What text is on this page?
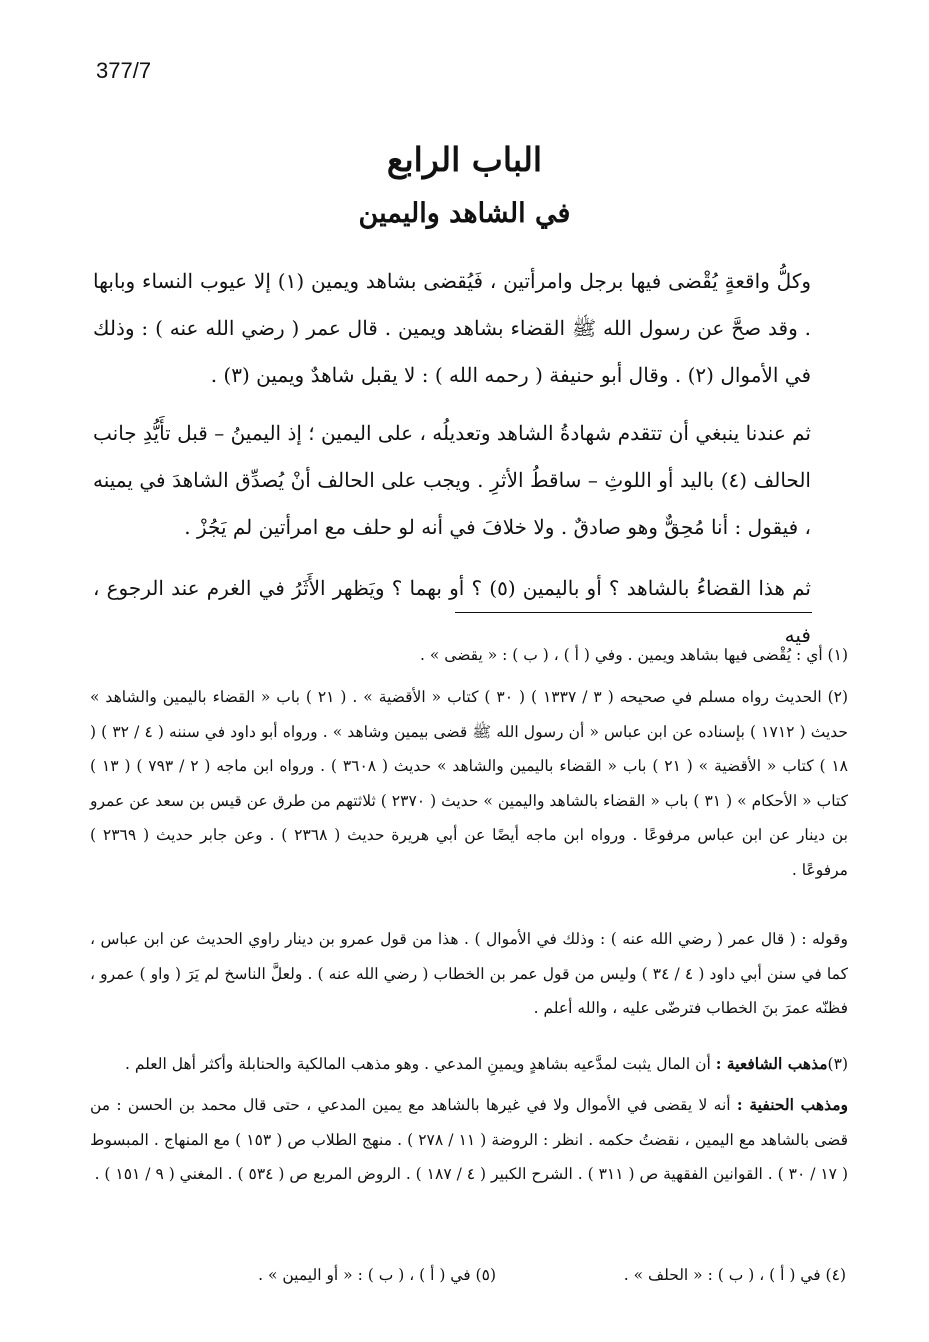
377/7
الباب الرابع
في الشاهد واليمين

وكلُّ واقعةٍ يُقْضى فيها برجل وامرأتين ، فَيُقضى بشاهد ويمين (١) إلا عيوب النساء وبابها . وقد صحَّ عن رسول الله ﷺ القضاء بشاهد ويمين . قال عمر ( رضي الله عنه ) : وذلك في الأموال (٢) . وقال أبو حنيفة ( رحمه الله ) : لا يقبل شاهدٌ ويمين (٣) .

ثم عندنا ينبغي أن تتقدم شهادةُ الشاهد وتعديلُه ، على اليمين ؛ إذ اليمينُ – قبل تأَيُّدِ جانب الحالف (٤) باليد أو اللوثِ – ساقطُ الأثرِ . ويجب على الحالف أنْ يُصدِّق الشاهدَ في يمينه ، فيقول : أنا مُحِقٌّ وهو صادقٌ . ولا خلافَ في أنه لو حلف مع امرأتين لم يَجُزْ .

ثم هذا القضاءُ بالشاهد ؟ أو باليمين (٥) ؟ أو بهما ؟ ويَظهر الأَثَرُ في الغرم عند الرجوع ، فيه

(١) أي : يُقْضى فيها بشاهد ويمين . وفي ( أ ) ، ( ب ) : « يقضى » .

(٢) الحديث رواه مسلم في صحيحه ( ٣ / ١٣٣٧ ) ( ٣٠ ) كتاب « الأقضية » . ( ٢١ ) باب « القضاء باليمين والشاهد » حديث ( ١٧١٢ ) بإسناده عن ابن عباس « أن رسول الله ﷺ قضى بيمين وشاهد » . ورواه أبو داود في سننه ( ٤ / ٣٢ ) ( ١٨ ) كتاب « الأقضية » ( ٢١ ) باب « القضاء باليمين والشاهد » حديث ( ٣٦٠٨ ) . ورواه ابن ماجه ( ٢ / ٧٩٣ ) ( ١٣ ) كتاب « الأحكام » ( ٣١ ) باب « القضاء بالشاهد واليمين » حديث ( ٢٣٧٠ ) ثلاثتهم من طرق عن قيس بن سعد عن عمرو بن دينار عن ابن عباس مرفوعًا . ورواه ابن ماجه أيضًا عن أبي هريرة حديث ( ٢٣٦٨ ) . وعن جابر حديث ( ٢٣٦٩ ) مرفوعًا .

وقوله : ( قال عمر ( رضي الله عنه ) : وذلك في الأموال ) . هذا من قول عمرو بن دينار راوي الحديث عن ابن عباس ، كما في سنن أبي داود ( ٤ / ٣٤ ) وليس من قول عمر بن الخطاب ( رضي الله عنه ) . ولعلَّ الناسخ لم يَرَ ( واو ) عمرو ، فظنّه عمرَ بنَ الخطاب فترضّى عليه ، والله أعلم .

(٣)مذهب الشافعية : أن المال يثبت لمدَّعيه بشاهدٍ ويمينِ المدعي . وهو مذهب المالكية والحنابلة وأكثر أهل العلم .

ومذهب الحنفية : أنه لا يقضى في الأموال ولا في غيرها بالشاهد مع يمين المدعي ، حتى قال محمد بن الحسن : من قضى بالشاهد مع اليمين ، نقضتُ حكمه . انظر : الروضة ( ١١ / ٢٧٨ ) . منهج الطلاب ص ( ١٥٣ ) مع المنهاج . المبسوط ( ١٧ / ٣٠ ) . القوانين الفقهية ص ( ٣١١ ) . الشرح الكبير ( ٤ / ١٨٧ ) . الروض المربع ص ( ٥٣٤ ) . المغني ( ٩ / ١٥١ ) .

(٤) في ( أ ) ، ( ب ) : « الحلف » .
(٥) في ( أ ) ، ( ب ) : « أو اليمين » .
